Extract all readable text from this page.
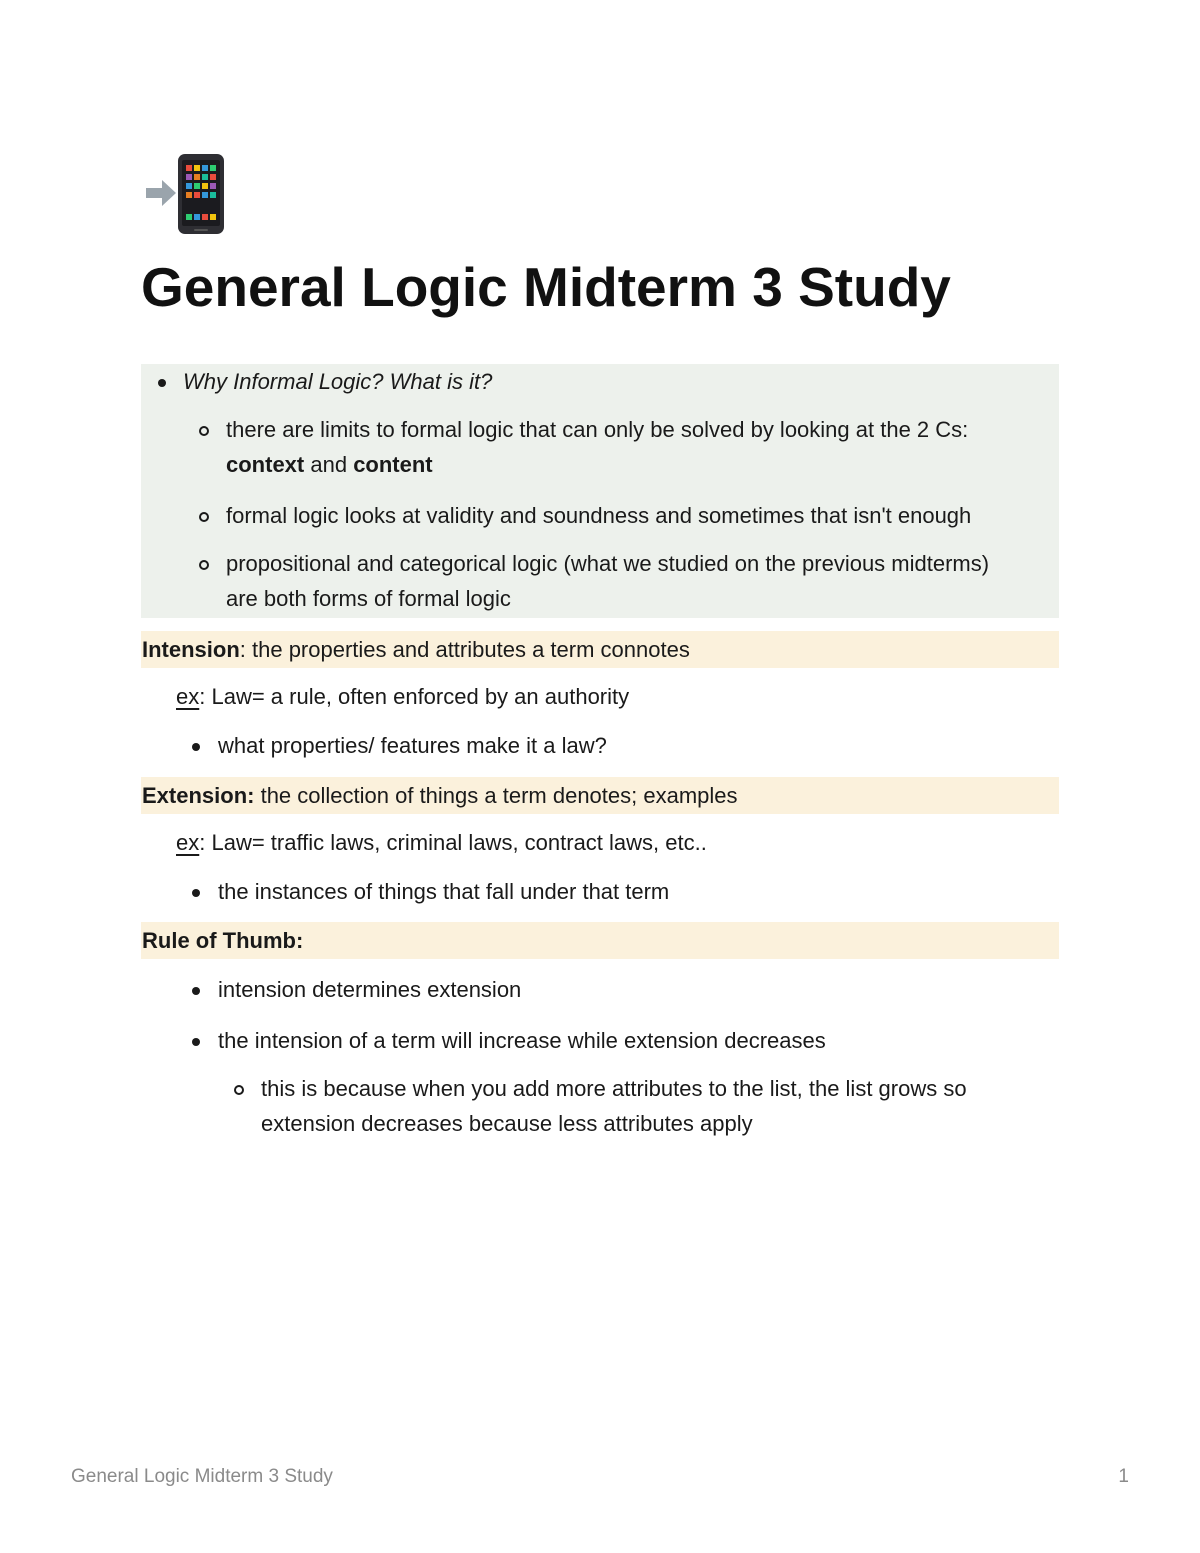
General Logic Midterm 3 Study
Why Informal Logic? What is it?
there are limits to formal logic that can only be solved by looking at the 2 Cs:
context and content
formal logic looks at validity and soundness and sometimes that isn't enough
propositional and categorical logic (what we studied on the previous midterms)
are both forms of formal logic
Intension: the properties and attributes a term connotes
ex: Law= a rule, often enforced by an authority
what properties/ features make it a law?
Extension: the collection of things a term denotes; examples
ex: Law= traffic laws, criminal laws, contract laws, etc..
the instances of things that fall under that term
Rule of Thumb:
intension determines extension
the intension of a term will increase while extension decreases
this is because when you add more attributes to the list, the list grows so
extension decreases because less attributes apply
General Logic Midterm 3 Study	1
